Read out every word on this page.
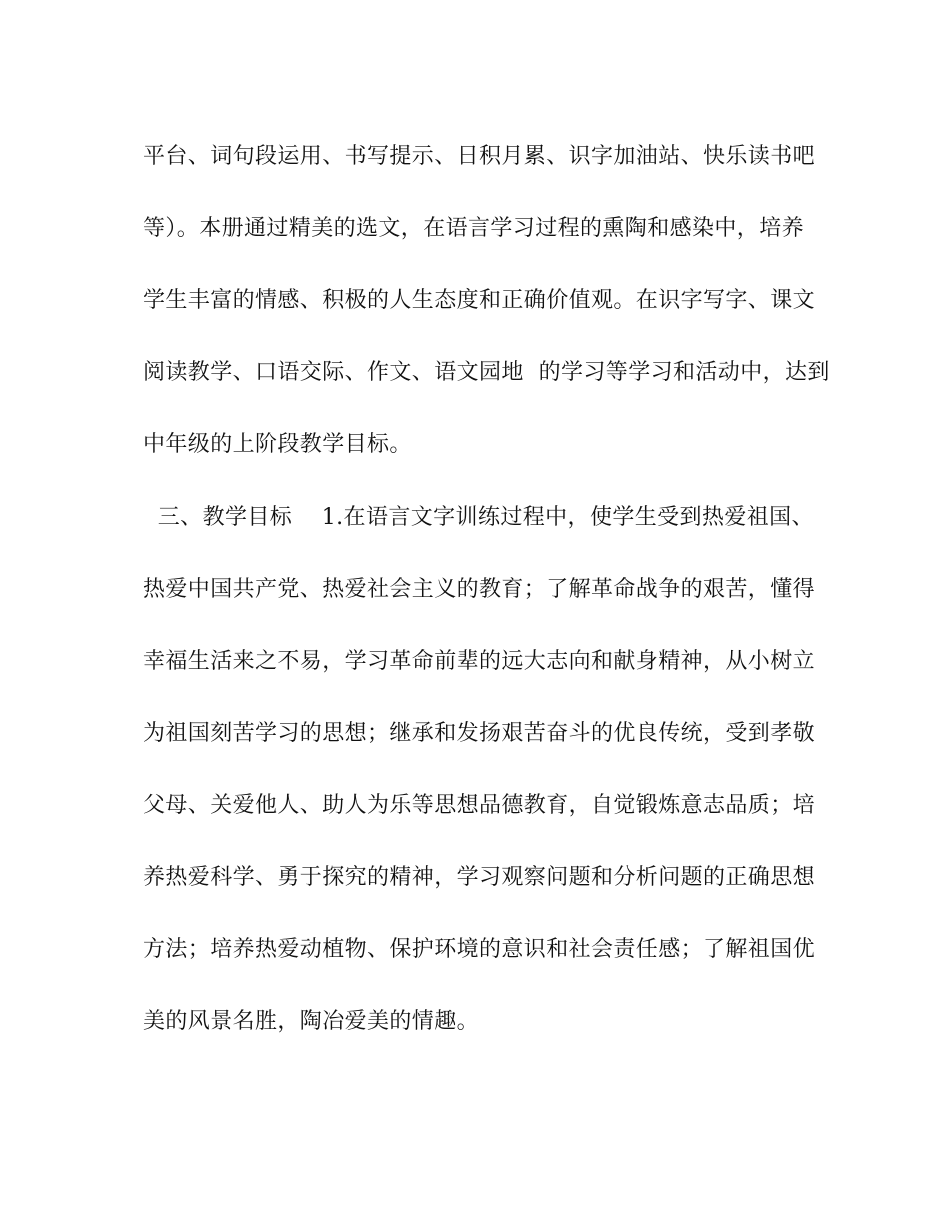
平台、词句段运用、书写提示、日积月累、识字加油站、快乐读书吧
等）。本册通过精美的选文，在语言学习过程的熏陶和感染中，培养
学生丰富的情感、积极的人生态度和正确价值观。在识字写字、课文
阅读教学、口语交际、作文、语文园地  的学习等学习和活动中，达到
中年级的上阶段教学目标。
三、教学目标    1.在语言文字训练过程中，使学生受到热爱祖国、
热爱中国共产党、热爱社会主义的教育；了解革命战争的艰苦，懂得
幸福生活来之不易，学习革命前辈的远大志向和献身精神，从小树立
为祖国刻苦学习的思想；继承和发扬艰苦奋斗的优良传统，受到孝敬
父母、关爱他人、助人为乐等思想品德教育，自觉锻炼意志品质；培
养热爱科学、勇于探究的精神，学习观察问题和分析问题的正确思想
方法；培养热爱动植物、保护环境的意识和社会责任感；了解祖国优
美的风景名胜，陶冶爱美的情趣。
